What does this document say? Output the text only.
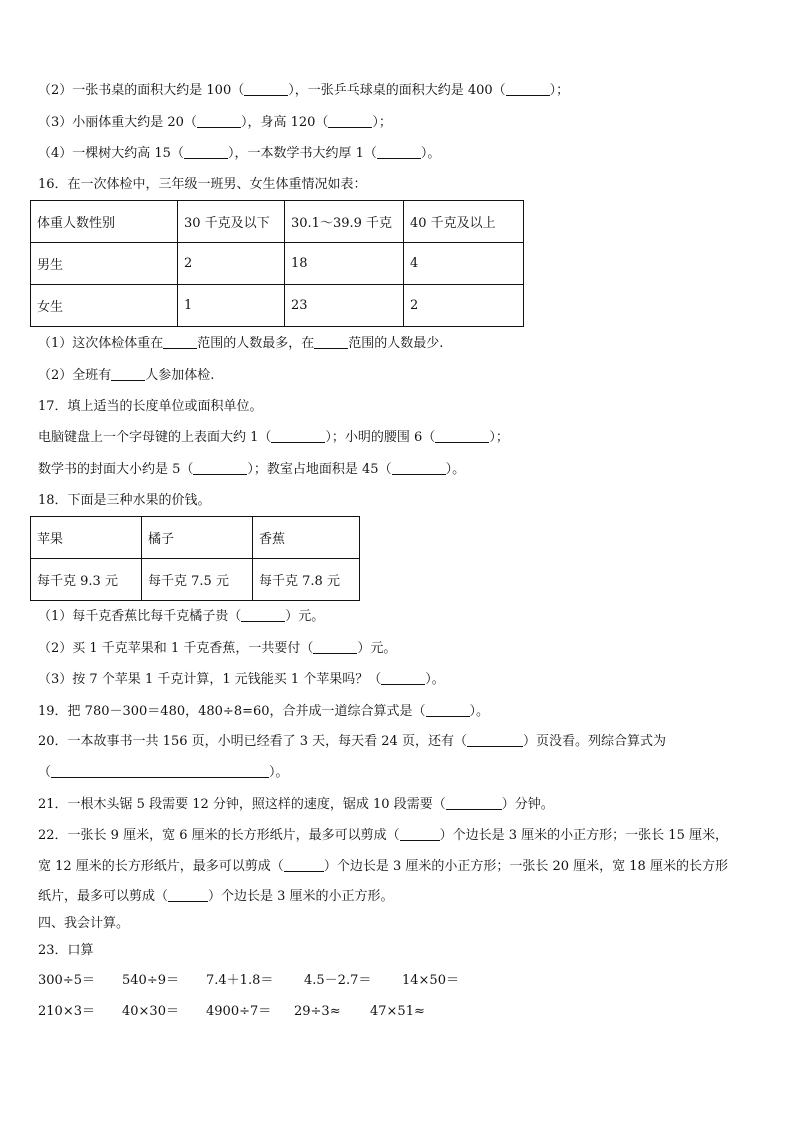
（2）一张书桌的面积大约是 100（	），一张乒乓球桌的面积大约是 400（	）；
（3）小丽体重大约是 20（	），身高 120（	）；
（4）一棵树大约高 15（	），一本数学书大约厚 1（	）。
16．在一次体检中，三年级一班男、女生体重情况如表：
体重人数性别	30 千克及以下	30.1～39.9 千克	40 千克及以上
男生	2	18	4
女生	1	23	2
（1）这次体检体重在	范围的人数最多，在	范围的人数最少.
（2）全班有	人参加体检.
17．填上适当的长度单位或面积单位。
电脑键盘上一个字母键的上表面大约 1（	）；小明的腰围 6（	）；
数学书的封面大小约是 5（	）；教室占地面积是 45（	）。
18．下面是三种水果的价钱。
苹果	橘子	香蕉
每千克 9.3 元	每千克 7.5 元	每千克 7.8 元
（1）每千克香蕉比每千克橘子贵（	）元。
（2）买 1 千克苹果和 1 千克香蕉，一共要付（	）元。
（3）按 7 个苹果 1 千克计算，1 元钱能买 1 个苹果吗？（	）。
19．把 780－300＝480，480÷8=60，合并成一道综合算式是（	）。
20．一本故事书一共 156 页，小明已经看了 3 天，每天看 24 页，还有（	）页没看。列综合算式为
（	）。
21．一根木头锯 5 段需要 12 分钟，照这样的速度，锯成 10 段需要（	）分钟。
22．一张长 9 厘米，宽 6 厘米的长方形纸片，最多可以剪成（	）个边长是 3 厘米的小正方形；一张长 15 厘米，
宽 12 厘米的长方形纸片，最多可以剪成（	）个边长是 3 厘米的小正方形；一张长 20 厘米，宽 18 厘米的长方形
纸片，最多可以剪成（	）个边长是 3 厘米的小正方形。
四、我会计算。
23．口算
300÷5＝ 540÷9＝ 7.4＋1.8＝ 4.5－2.7＝ 14×50＝
210×3＝ 40×30＝ 4900÷7＝ 29÷3≈ 47×51≈
